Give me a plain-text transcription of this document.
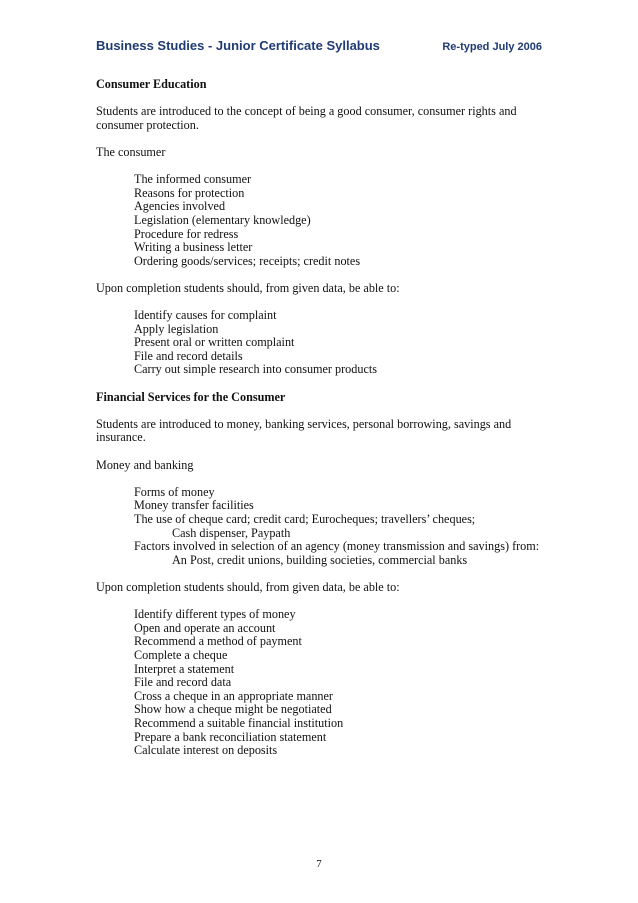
Business Studies - Junior Certificate Syllabus	Re-typed July 2006
Consumer Education
Students are introduced to the concept of being a good consumer, consumer rights and
consumer protection.
The consumer
The informed consumer
Reasons for protection
Agencies involved
Legislation (elementary knowledge)
Procedure for redress
Writing a business letter
Ordering goods/services; receipts; credit notes
Upon completion students should, from given data, be able to:
Identify causes for complaint
Apply legislation
Present oral or written complaint
File and record details
Carry out simple research into consumer products
Financial Services for the Consumer
Students are introduced to money, banking services, personal borrowing, savings and
insurance.
Money and banking
Forms of money
Money transfer facilities
The use of cheque card; credit card; Eurocheques; travellers’ cheques;
Cash dispenser, Paypath
Factors involved in selection of an agency (money transmission and savings) from:
An Post, credit unions, building societies, commercial banks
Upon completion students should, from given data, be able to:
Identify different types of money
Open and operate an account
Recommend a method of payment
Complete a cheque
Interpret a statement
File and record data
Cross a cheque in an appropriate manner
Show how a cheque might be negotiated
Recommend a suitable financial institution
Prepare a bank reconciliation statement
Calculate interest on deposits
7
